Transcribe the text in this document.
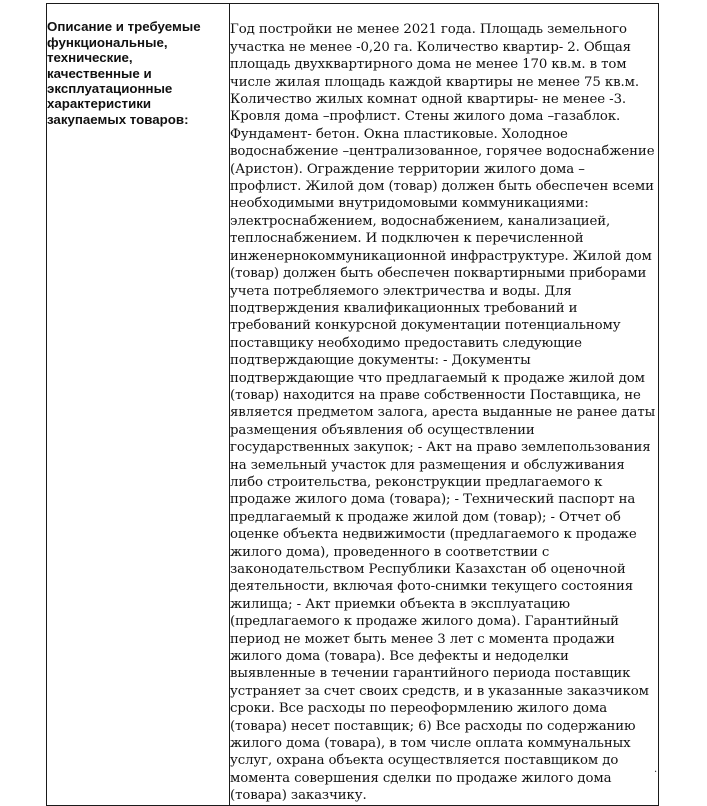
Описание и требуемые
функциональные,
технические,
качественные и
эксплуатационные
характеристики
закупаемых товаров:

Год постройки не менее 2021 года. Площадь земельного
участка не менее -0,20 га. Количество квартир- 2. Общая
площадь двухквартирного дома не менее 170 кв.м. в том
числе жилая площадь каждой квартиры не менее 75 кв.м.
Количество жилых комнат одной квартиры- не менее -3.
Кровля дома –профлист. Стены жилого дома –газаблок.
Фундамент- бетон. Окна пластиковые. Холодное
водоснабжение –централизованное, горячее водоснабжение
(Аристон). Ограждение территории жилого дома –
профлист. Жилой дом (товар) должен быть обеспечен всеми
необходимыми внутридомовыми коммуникациями:
электроснабжением, водоснабжением, канализацией,
теплоснабжением. И подключен к перечисленной
инженернокоммуникационной инфраструктуре. Жилой дом
(товар) должен быть обеспечен поквартирными приборами
учета потребляемого электричества и воды. Для
подтверждения квалификационных требований и
требований конкурсной документации потенциальному
поставщику необходимо предоставить следующие
подтверждающие документы: - Документы
подтверждающие что предлагаемый к продаже жилой дом
(товар) находится на праве собственности Поставщика, не
является предметом залога, ареста выданные не ранее даты
размещения объявления об осуществлении
государственных закупок; - Акт на право землепользования
на земельный участок для размещения и обслуживания
либо строительства, реконструкции предлагаемого к
продаже жилого дома (товара); - Технический паспорт на
предлагаемый к продаже жилой дом (товар); - Отчет об
оценке объекта недвижимости (предлагаемого к продаже
жилого дома), проведенного в соответствии с
законодательством Республики Казахстан об оценочной
деятельности, включая фото-снимки текущего состояния
жилища; - Акт приемки объекта в эксплуатацию
(предлагаемого к продаже жилого дома). Гарантийный
период не может быть менее 3 лет с момента продажи
жилого дома (товара). Все дефекты и недоделки
выявленные в течении гарантийного периода поставщик
устраняет за счет своих средств, и в указанные заказчиком
сроки. Все расходы по переоформлению жилого дома
(товара) несет поставщик; 6) Все расходы по содержанию
жилого дома (товара), в том числе оплата коммунальных
услуг, охрана объекта осуществляется поставщиком до
момента совершения сделки по продаже жилого дома
(товара) заказчику.

·
